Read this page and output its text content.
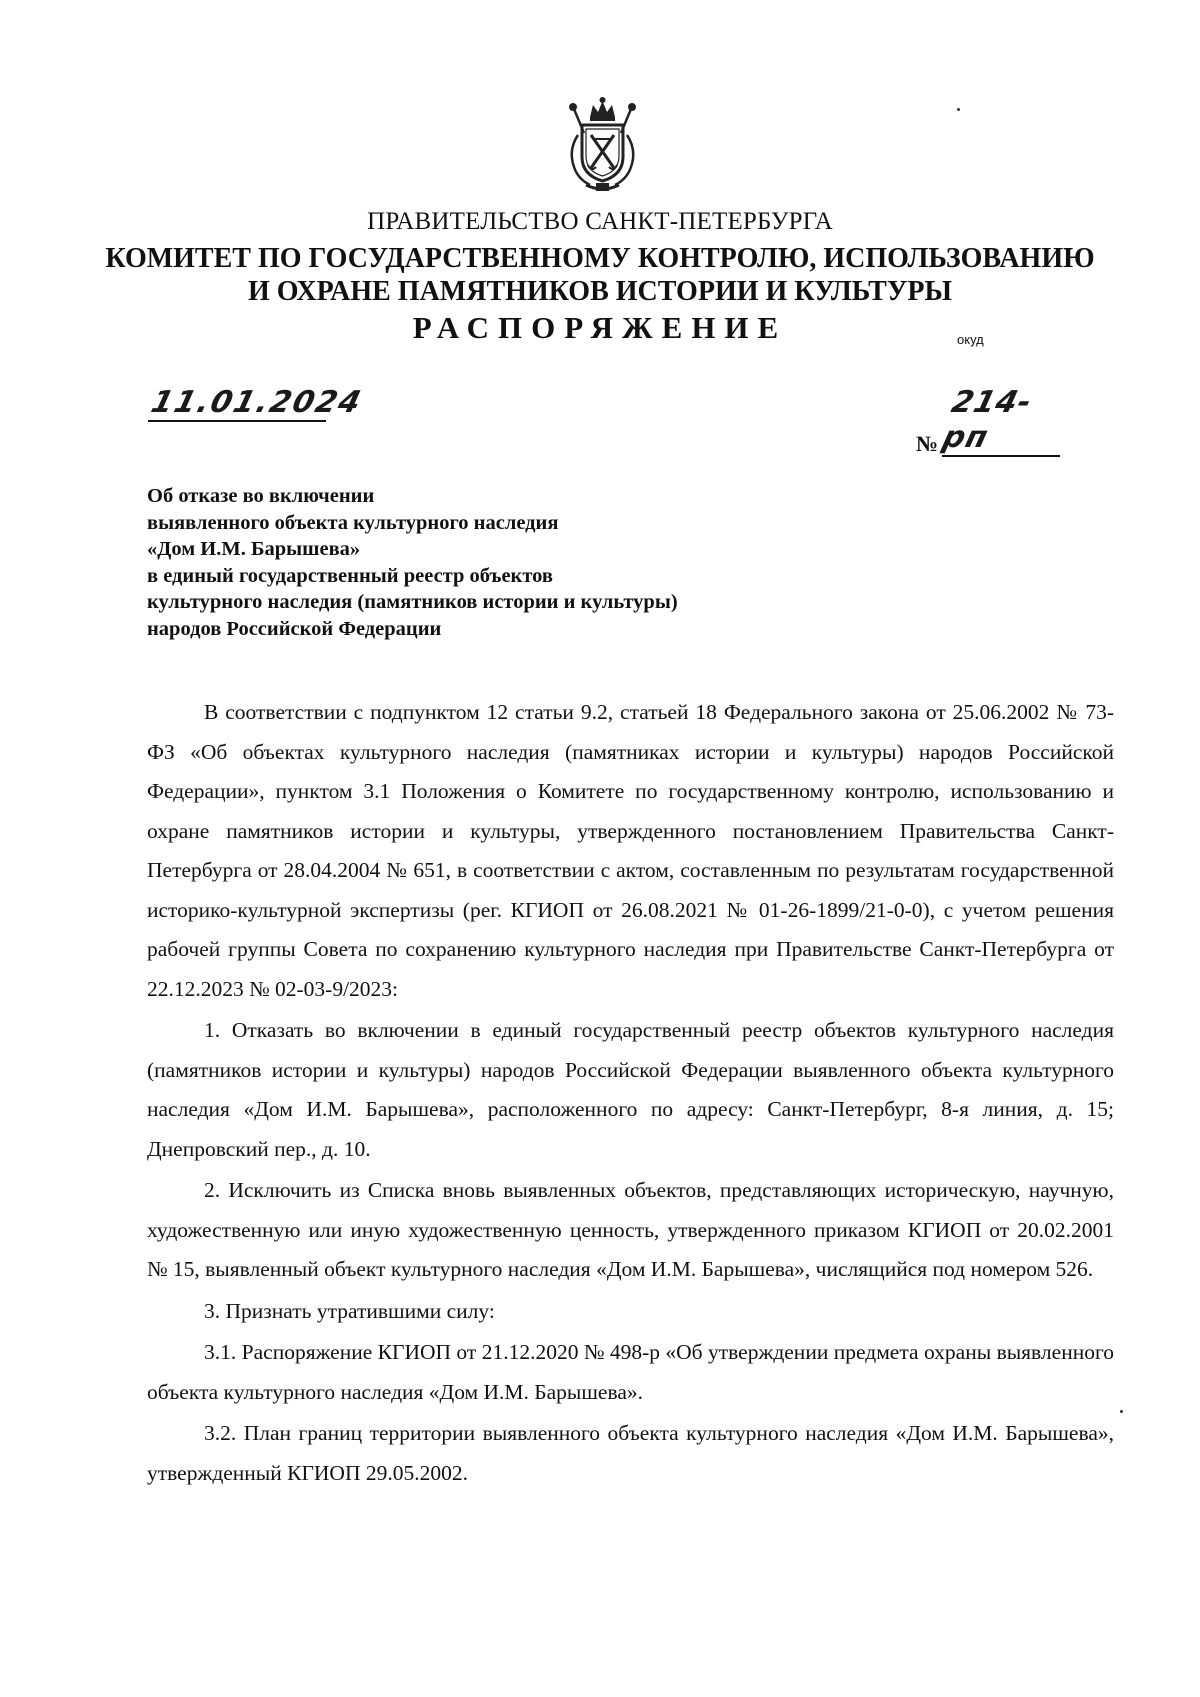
ПРАВИТЕЛЬСТВО САНКТ-ПЕТЕРБУРГА
КОМИТЕТ ПО ГОСУДАРСТВЕННОМУ КОНТРОЛЮ, ИСПОЛЬЗОВАНИЮ
И ОХРАНЕ ПАМЯТНИКОВ ИСТОРИИ И КУЛЬТУРЫ
РАСПОРЯЖЕНИЕ	окуд
11.01.2024
№214-рп
Об отказе во включении
выявленного объекта культурного наследия
«Дом И.М. Барышева»
в единый государственный реестр объектов
культурного наследия (памятников истории и культуры)
народов Российской Федерации

В соответствии с подпунктом 12 статьи 9.2, статьей 18 Федерального закона от 25.06.2002 № 73-ФЗ «Об объектах культурного наследия (памятниках истории и культуры) народов Российской Федерации», пунктом 3.1 Положения о Комитете по государственному контролю, использованию и охране памятников истории и культуры, утвержденного постановлением Правительства Санкт-Петербурга от 28.04.2004 № 651, в соответствии с актом, составленным по результатам государственной историко-культурной экспертизы (рег. КГИОП от 26.08.2021 № 01-26-1899/21-0-0), с учетом решения рабочей группы Совета по сохранению культурного наследия при Правительстве Санкт-Петербурга от 22.12.2023 № 02-03-9/2023:

1. Отказать во включении в единый государственный реестр объектов культурного наследия (памятников истории и культуры) народов Российской Федерации выявленного объекта культурного наследия «Дом И.М. Барышева», расположенного по адресу: Санкт-Петербург, 8-я линия, д. 15; Днепровский пер., д. 10.

2. Исключить из Списка вновь выявленных объектов, представляющих историческую, научную, художественную или иную художественную ценность, утвержденного приказом КГИОП от 20.02.2001 № 15, выявленный объект культурного наследия «Дом И.М. Барышева», числящийся под номером 526.

3. Признать утратившими силу:

3.1. Распоряжение КГИОП от 21.12.2020 № 498-р «Об утверждении предмета охраны выявленного объекта культурного наследия «Дом И.М. Барышева».

3.2. План границ территории выявленного объекта культурного наследия «Дом И.М. Барышева», утвержденный КГИОП 29.05.2002.
